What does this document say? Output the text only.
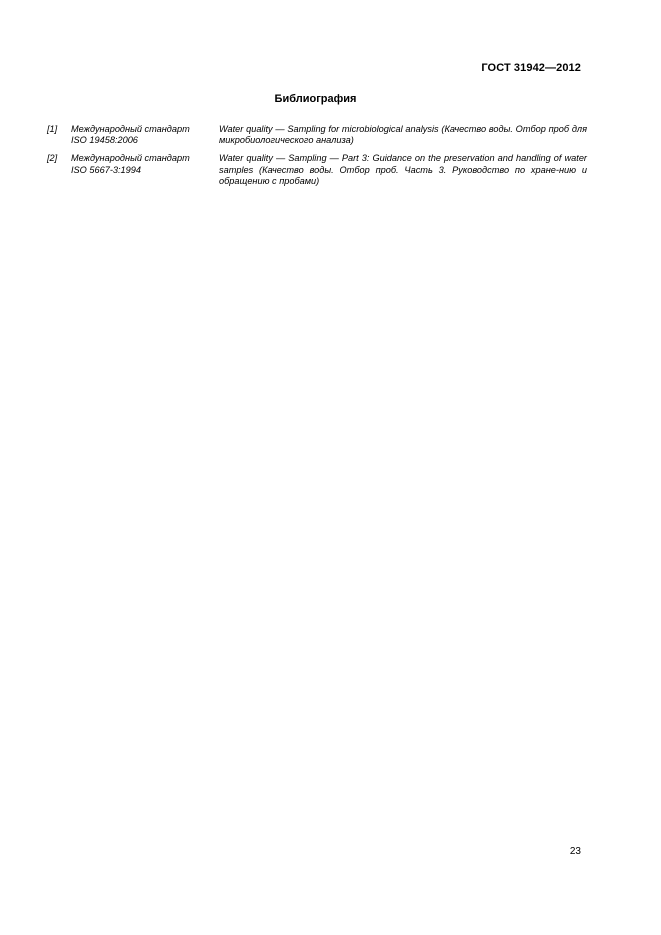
ГОСТ 31942—2012
Библиография
[1]	Международный стандарт
ISO 19458:2006
Water quality — Sampling for microbiological analysis (Качество воды. Отбор проб для микробиологического анализа)
[2]	Международный стандарт
ISO 5667-3:1994
Water quality — Sampling — Part 3: Guidance on the preservation and handling of water samples (Качество воды. Отбор проб. Часть 3. Руководство по хране-нию и обращению с пробами)
23
